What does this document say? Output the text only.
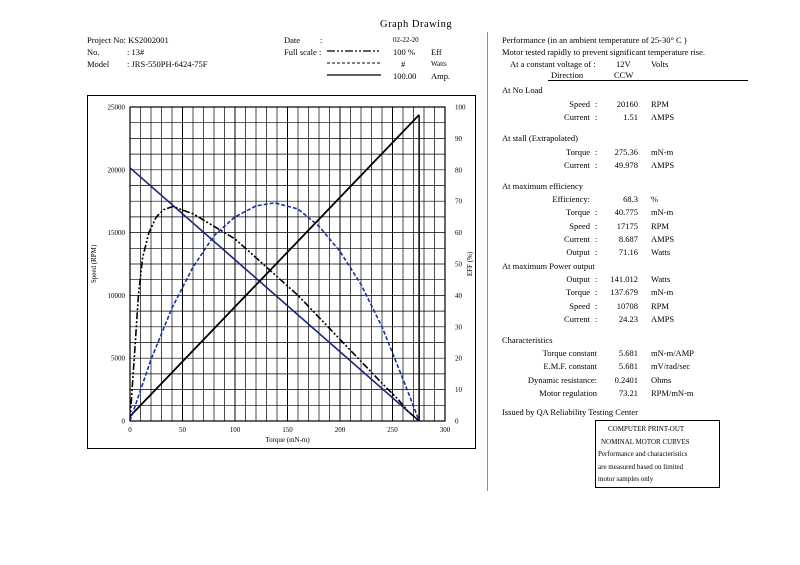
Graph Drawing
Project No: KS2002001
No.	: 13#
Model : JRS-550PH-6424-75F
Date :	02-22-20
Full scale :	100 % Eff
#	Watts
100.00 Amp.
0	50	100	150	200	250	300
0
5000
10000
15000
20000
25000
0
10
20
30
40
50
60
70
80
90
100
Torque (mN-m)
Speed (RPM)	EFF (%)
Performance (in an ambient temperature of 25-30° C )
Motor tested rapidly to prevent significant temperature rise.
At a constant voltage of : 12V Volts
Direction	CCW
At No Load
Speed : 20160 RPM
Current :	1.51 AMPS
At stall (Extrapolated)
Torque : 275.36 mN-m
Current : 49.978 AMPS
At maximum efficiency
Efficiency:	68.3 %
Torque : 40.775 mN-m
Speed : 17175 RPM
Current :	8.687 AMPS
Output :	71.16 Watts
At maximum Power output
Output : 141.012 Watts
Torque : 137.679 mN-m
Speed : 10708 RPM
Current :	24.23 AMPS
Characteristics
Torque constant	5.681 mN-m/AMP
E.M.F. constant	5.681 mV/rad/sec
Dynamic resistance: 0.2401 Ohms
Motor regulation	73.21 RPM/mN-m
Issued by QA Reliability Testing Center
COMPUTER PRINT-OUT
NOMINAL MOTOR CURVES
Performance and characteristics
are measured based on limited
motor samples only
